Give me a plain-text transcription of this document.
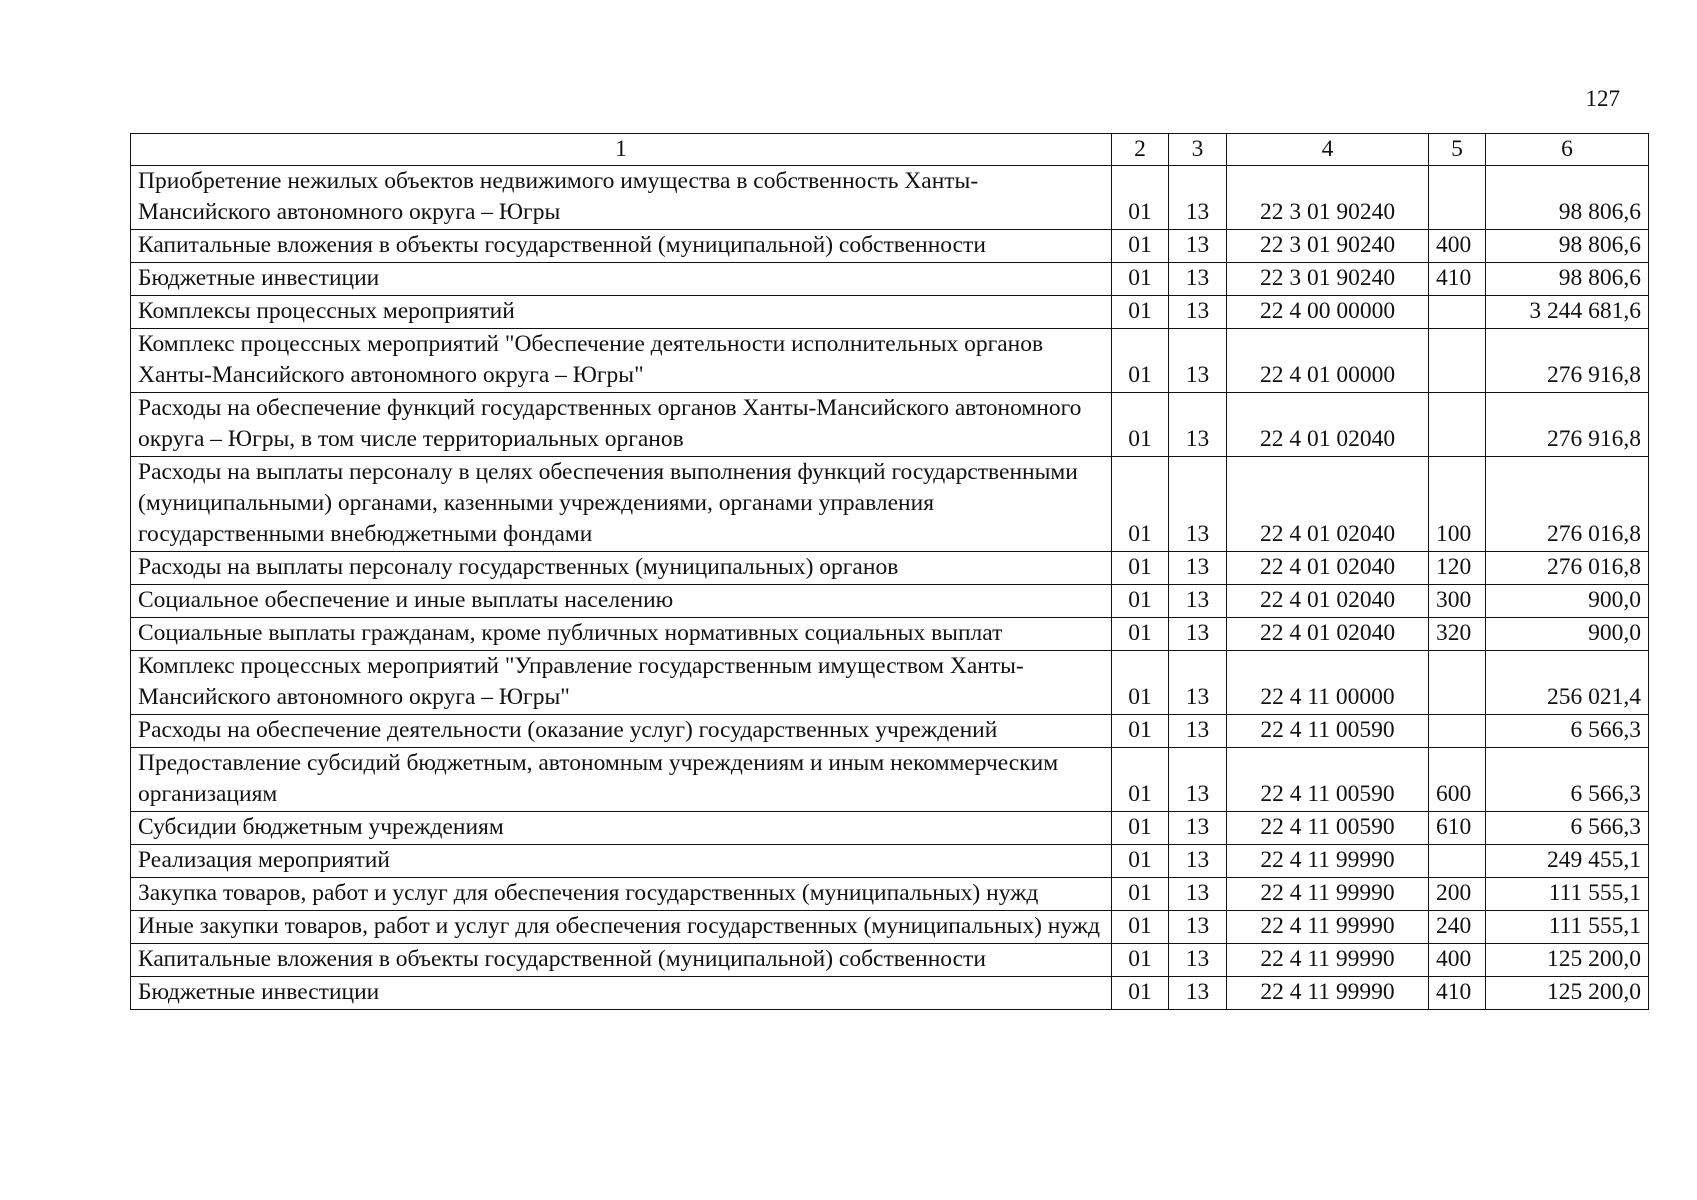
127
1	2	3	4	5	6
Приобретение нежилых объектов недвижимого имущества в собственность Ханты-Мансийского автономного округа – Югры	01	13	22 3 01 90240		98 806,6
Капитальные вложения в объекты государственной (муниципальной) собственности	01	13	22 3 01 90240	400	98 806,6
Бюджетные инвестиции	01	13	22 3 01 90240	410	98 806,6
Комплексы процессных мероприятий	01	13	22 4 00 00000		3 244 681,6
Комплекс процессных мероприятий "Обеспечение деятельности исполнительных органов Ханты-Мансийского автономного округа – Югры"	01	13	22 4 01 00000		276 916,8
Расходы на обеспечение функций государственных органов Ханты-Мансийского автономного округа – Югры, в том числе территориальных органов	01	13	22 4 01 02040		276 916,8
Расходы на выплаты персоналу в целях обеспечения выполнения функций государственными (муниципальными) органами, казенными учреждениями, органами управления государственными внебюджетными фондами	01	13	22 4 01 02040	100	276 016,8
Расходы на выплаты персоналу государственных (муниципальных) органов	01	13	22 4 01 02040	120	276 016,8
Социальное обеспечение и иные выплаты населению	01	13	22 4 01 02040	300	900,0
Социальные выплаты гражданам, кроме публичных нормативных социальных выплат	01	13	22 4 01 02040	320	900,0
Комплекс процессных мероприятий "Управление государственным имуществом Ханты-Мансийского автономного округа – Югры"	01	13	22 4 11 00000		256 021,4
Расходы на обеспечение деятельности (оказание услуг) государственных учреждений	01	13	22 4 11 00590		6 566,3
Предоставление субсидий бюджетным, автономным учреждениям и иным некоммерческим организациям	01	13	22 4 11 00590	600	6 566,3
Субсидии бюджетным учреждениям	01	13	22 4 11 00590	610	6 566,3
Реализация мероприятий	01	13	22 4 11 99990		249 455,1
Закупка товаров, работ и услуг для обеспечения государственных (муниципальных) нужд	01	13	22 4 11 99990	200	111 555,1
Иные закупки товаров, работ и услуг для обеспечения государственных (муниципальных) нужд	01	13	22 4 11 99990	240	111 555,1
Капитальные вложения в объекты государственной (муниципальной) собственности	01	13	22 4 11 99990	400	125 200,0
Бюджетные инвестиции	01	13	22 4 11 99990	410	125 200,0
